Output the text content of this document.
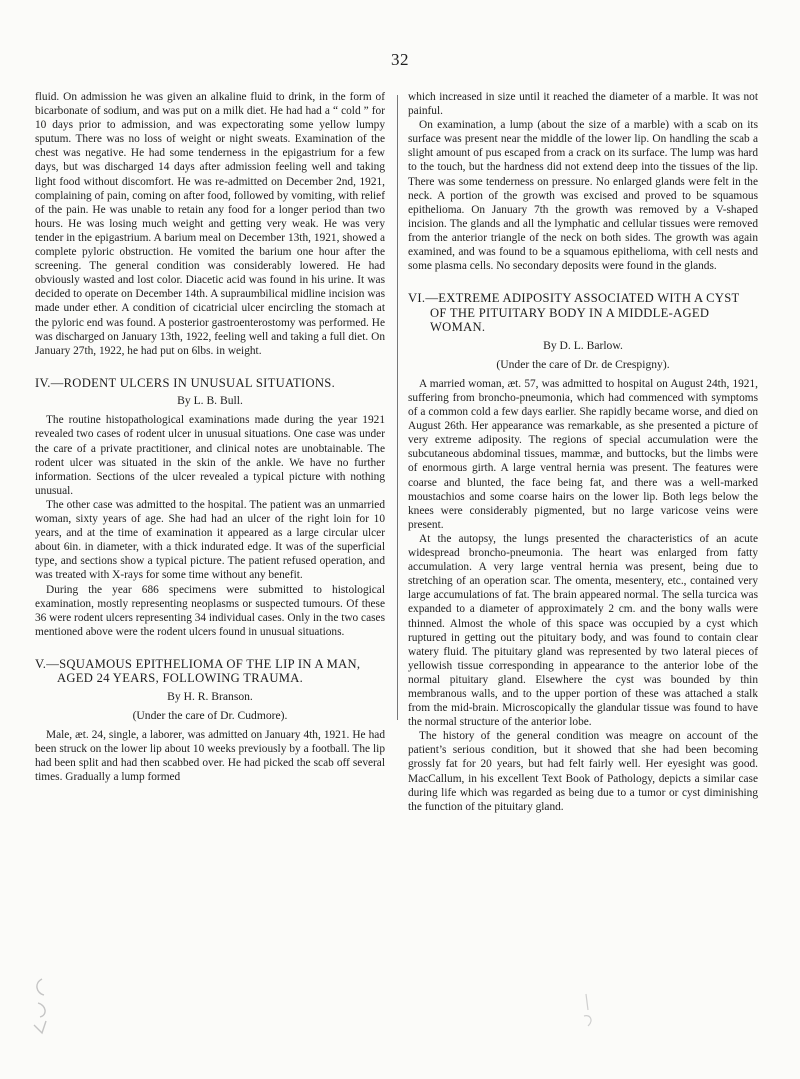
32

fluid. On admission he was given an alkaline fluid to drink, in the form of bicarbonate of sodium, and was put on a milk diet. He had had a “ cold ” for 10 days prior to admission, and was expectorating some yellow lumpy sputum. There was no loss of weight or night sweats. Examination of the chest was negative. He had some tenderness in the epigastrium for a few days, but was discharged 14 days after admission feeling well and taking light food without discomfort. He was re-admitted on December 2nd, 1921, complaining of pain, coming on after food, followed by vomiting, with relief of the pain. He was unable to retain any food for a longer period than two hours. He was losing much weight and getting very weak. He was very tender in the epigastrium. A barium meal on December 13th, 1921, showed a complete pyloric obstruction. He vomited the barium one hour after the screening. The general condition was considerably lowered. He had obviously wasted and lost color. Diacetic acid was found in his urine. It was decided to operate on December 14th. A supraumbilical midline incision was made under ether. A condition of cicatricial ulcer encircling the stomach at the pyloric end was found. A posterior gastroenterostomy was performed. He was discharged on January 13th, 1922, feeling well and taking a full diet. On January 27th, 1922, he had put on 6lbs. in weight.

IV.—RODENT ULCERS IN UNUSUAL SITUATIONS.
By L. B. Bull.

The routine histopathological examinations made during the year 1921 revealed two cases of rodent ulcer in unusual situations. One case was under the care of a private practitioner, and clinical notes are unobtainable. The rodent ulcer was situated in the skin of the ankle. We have no further information. Sections of the ulcer revealed a typical picture with nothing unusual.

The other case was admitted to the hospital. The patient was an unmarried woman, sixty years of age. She had had an ulcer of the right loin for 10 years, and at the time of examination it appeared as a large circular ulcer about 6in. in diameter, with a thick indurated edge. It was of the superficial type, and sections show a typical picture. The patient refused operation, and was treated with X-rays for some time without any benefit.

During the year 686 specimens were submitted to histological examination, mostly representing neoplasms or suspected tumours. Of these 36 were rodent ulcers representing 34 individual cases. Only in the two cases mentioned above were the rodent ulcers found in unusual situations.

V.—SQUAMOUS EPITHELIOMA OF THE LIP IN A MAN, AGED 24 YEARS, FOLLOWING TRAUMA.
By H. R. Branson.
(Under the care of Dr. Cudmore).

Male, æt. 24, single, a laborer, was admitted on January 4th, 1921. He had been struck on the lower lip about 10 weeks previously by a football. The lip had been split and had then scabbed over. He had picked the scab off several times. Gradually a lump formed

which increased in size until it reached the diameter of a marble. It was not painful.

On examination, a lump (about the size of a marble) with a scab on its surface was present near the middle of the lower lip. On handling the scab a slight amount of pus escaped from a crack on its surface. The lump was hard to the touch, but the hardness did not extend deep into the tissues of the lip. There was some tenderness on pressure. No enlarged glands were felt in the neck. A portion of the growth was excised and proved to be squamous epithelioma. On January 7th the growth was removed by a V-shaped incision. The glands and all the lymphatic and cellular tissues were removed from the anterior triangle of the neck on both sides. The growth was again examined, and was found to be a squamous epithelioma, with cell nests and some plasma cells. No secondary deposits were found in the glands.

VI.—EXTREME ADIPOSITY ASSOCIATED WITH A CYST OF THE PITUITARY BODY IN A MIDDLE-AGED WOMAN.
By D. L. Barlow.
(Under the care of Dr. de Crespigny).

A married woman, æt. 57, was admitted to hospital on August 24th, 1921, suffering from broncho-pneumonia, which had commenced with symptoms of a common cold a few days earlier. She rapidly became worse, and died on August 26th. Her appearance was remarkable, as she presented a picture of very extreme adiposity. The regions of special accumulation were the subcutaneous abdominal tissues, mammæ, and buttocks, but the limbs were of enormous girth. A large ventral hernia was present. The features were coarse and blunted, the face being fat, and there was a well-marked moustachios and some coarse hairs on the lower lip. Both legs below the knees were considerably pigmented, but no large varicose veins were present.

At the autopsy, the lungs presented the characteristics of an acute widespread broncho-pneumonia. The heart was enlarged from fatty accumulation. A very large ventral hernia was present, being due to stretching of an operation scar. The omenta, mesentery, etc., contained very large accumulations of fat. The brain appeared normal. The sella turcica was expanded to a diameter of approximately 2 cm. and the bony walls were thinned. Almost the whole of this space was occupied by a cyst which ruptured in getting out the pituitary body, and was found to contain clear watery fluid. The pituitary gland was represented by two lateral pieces of yellowish tissue corresponding in appearance to the anterior lobe of the normal pituitary gland. Elsewhere the cyst was bounded by thin membranous walls, and to the upper portion of these was attached a stalk from the mid-brain. Microscopically the glandular tissue was found to have the normal structure of the anterior lobe.

The history of the general condition was meagre on account of the patient’s serious condition, but it showed that she had been becoming grossly fat for 20 years, but had felt fairly well. Her eyesight was good. MacCallum, in his excellent Text Book of Pathology, depicts a similar case during life which was regarded as being due to a tumor or cyst diminishing the function of the pituitary gland.
